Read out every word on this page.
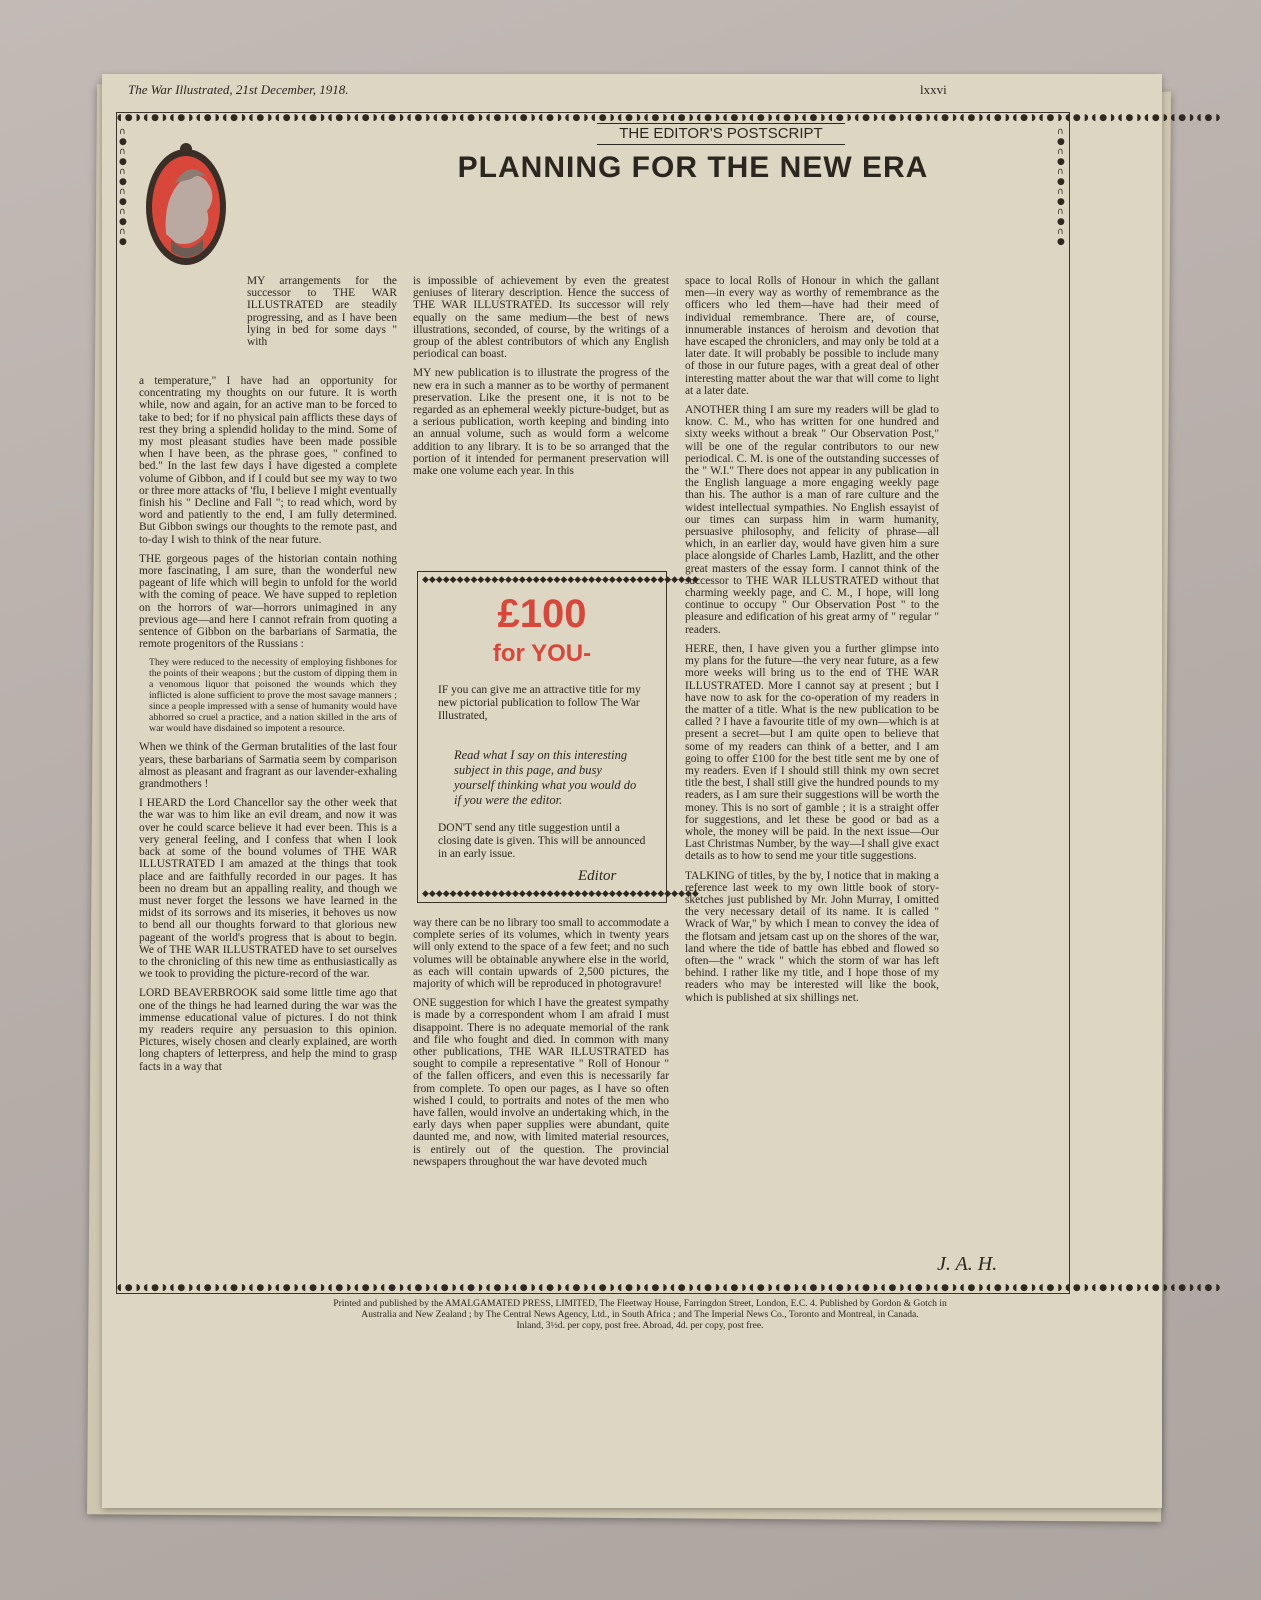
The War Illustrated, 21st December, 1918.	lxxvi
◖●◗◖●◗◖●◗◖●◗◖●◗◖●◗◖●◗◖●◗◖●◗◖●◗◖●◗◖●◗◖●◗◖●◗◖●◗◖●◗◖●◗◖●◗◖●◗◖●◗◖●◗◖●◗◖●◗◖●◗◖●◗◖●◗◖●◗◖●◗◖●◗◖●◗◖●◗◖●◗◖●◗◖●◗◖●◗◖●◗◖●◗◖●◗◖●◗◖●◗◖●◗◖●◗
◖●◗◖●◗◖●◗◖●◗◖●◗◖●◗◖●◗◖●◗◖●◗◖●◗◖●◗◖●◗◖●◗◖●◗◖●◗◖●◗◖●◗◖●◗◖●◗◖●◗◖●◗◖●◗◖●◗◖●◗◖●◗◖●◗◖●◗◖●◗◖●◗◖●◗◖●◗◖●◗◖●◗◖●◗◖●◗◖●◗◖●◗◖●◗◖●◗◖●◗◖●◗◖●◗
∩
●
∩
●
∩
●
∩
●
∩
●
∩
●
∩
●
∩
●
∩
●
∩
●
∩
●
∩
●
THE EDITOR'S POSTSCRIPT
PLANNING FOR THE NEW ERA
MY arrangements for the successor to THE WAR ILLUSTRATED are steadily progressing, and as I have been lying in bed for some days " with

a temperature," I have had an opportunity for concentrating my thoughts on our future. It is worth while, now and again, for an active man to be forced to take to bed; for if no physical pain afflicts these days of rest they bring a splendid holiday to the mind. Some of my most pleasant studies have been made possible when I have been, as the phrase goes, " confined to bed." In the last few days I have digested a complete volume of Gibbon, and if I could but see my way to two or three more attacks of 'flu, I believe I might eventually finish his " Decline and Fall "; to read which, word by word and patiently to the end, I am fully determined. But Gibbon swings our thoughts to the remote past, and to-day I wish to think of the near future.

THE gorgeous pages of the historian contain nothing more fascinating, I am sure, than the wonderful new pageant of life which will begin to unfold for the world with the coming of peace. We have supped to repletion on the horrors of war—horrors unimagined in any previous age—and here I cannot refrain from quoting a sentence of Gibbon on the barbarians of Sarmatia, the remote progenitors of the Russians :

They were reduced to the necessity of employing fishbones for the points of their weapons ; but the custom of dipping them in a venomous liquor that poisoned the wounds which they inflicted is alone sufficient to prove the most savage manners ; since a people impressed with a sense of humanity would have abhorred so cruel a practice, and a nation skilled in the arts of war would have disdained so impotent a resource.

When we think of the German brutalities of the last four years, these barbarians of Sarmatia seem by comparison almost as pleasant and fragrant as our lavender-exhaling grandmothers !

I HEARD the Lord Chancellor say the other week that the war was to him like an evil dream, and now it was over he could scarce believe it had ever been. This is a very general feeling, and I confess that when I look back at some of the bound volumes of THE WAR ILLUSTRATED I am amazed at the things that took place and are faithfully recorded in our pages. It has been no dream but an appalling reality, and though we must never forget the lessons we have learned in the midst of its sorrows and its miseries, it behoves us now to bend all our thoughts forward to that glorious new pageant of the world's progress that is about to begin. We of THE WAR ILLUSTRATED have to set ourselves to the chronicling of this new time as enthusiastically as we took to providing the picture-record of the war.

LORD BEAVERBROOK said some little time ago that one of the things he had learned during the war was the immense educational value of pictures. I do not think my readers require any persuasion to this opinion. Pictures, wisely chosen and clearly explained, are worth long chapters of letterpress, and help the mind to grasp facts in a way that

is impossible of achievement by even the greatest geniuses of literary description. Hence the success of THE WAR ILLUSTRATED. Its successor will rely equally on the same medium—the best of news illustrations, seconded, of course, by the writings of a group of the ablest contributors of which any English periodical can boast.

MY new publication is to illustrate the progress of the new era in such a manner as to be worthy of permanent preservation. Like the present one, it is not to be regarded as an ephemeral weekly picture-budget, but as a serious publication, worth keeping and binding into an annual volume, such as would form a welcome addition to any library. It is to be so arranged that the portion of it intended for permanent preservation will make one volume each year. In this

◆◆◆◆◆◆◆◆◆◆◆◆◆◆◆◆◆◆◆◆◆◆◆◆◆◆◆◆◆◆◆◆◆◆◆◆◆◆◆◆
◆◆◆◆◆◆◆◆◆◆◆◆◆◆◆◆◆◆◆◆◆◆◆◆◆◆◆◆◆◆◆◆◆◆◆◆◆◆◆◆
£100
for YOU-
IF you can give me an attractive title for my new pictorial publication to follow The War Illustrated,
Read what I say on this interesting subject in this page, and busy yourself thinking what you would do if you were the editor.
DON'T send any title suggestion until a closing date is given. This will be announced in an early issue.
Editor

way there can be no library too small to accommodate a complete series of its volumes, which in twenty years will only extend to the space of a few feet; and no such volumes will be obtainable anywhere else in the world, as each will contain upwards of 2,500 pictures, the majority of which will be reproduced in photogravure!

ONE suggestion for which I have the greatest sympathy is made by a correspondent whom I am afraid I must disappoint. There is no adequate memorial of the rank and file who fought and died. In common with many other publications, THE WAR ILLUSTRATED has sought to compile a representative " Roll of Honour " of the fallen officers, and even this is necessarily far from complete. To open our pages, as I have so often wished I could, to portraits and notes of the men who have fallen, would involve an undertaking which, in the early days when paper supplies were abundant, quite daunted me, and now, with limited material resources, is entirely out of the question. The provincial newspapers throughout the war have devoted much

space to local Rolls of Honour in which the gallant men—in every way as worthy of remembrance as the officers who led them—have had their meed of individual remembrance. There are, of course, innumerable instances of heroism and devotion that have escaped the chroniclers, and may only be told at a later date. It will probably be possible to include many of those in our future pages, with a great deal of other interesting matter about the war that will come to light at a later date.

ANOTHER thing I am sure my readers will be glad to know. C. M., who has written for one hundred and sixty weeks without a break " Our Observation Post," will be one of the regular contributors to our new periodical. C. M. is one of the outstanding successes of the " W.I." There does not appear in any publication in the English language a more engaging weekly page than his. The author is a man of rare culture and the widest intellectual sympathies. No English essayist of our times can surpass him in warm humanity, persuasive philosophy, and felicity of phrase—all which, in an earlier day, would have given him a sure place alongside of Charles Lamb, Hazlitt, and the other great masters of the essay form. I cannot think of the successor to THE WAR ILLUSTRATED without that charming weekly page, and C. M., I hope, will long continue to occupy " Our Observation Post " to the pleasure and edification of his great army of " regular " readers.

HERE, then, I have given you a further glimpse into my plans for the future—the very near future, as a few more weeks will bring us to the end of THE WAR ILLUSTRATED. More I cannot say at present ; but I have now to ask for the co-operation of my readers in the matter of a title. What is the new publication to be called ? I have a favourite title of my own—which is at present a secret—but I am quite open to believe that some of my readers can think of a better, and I am going to offer £100 for the best title sent me by one of my readers. Even if I should still think my own secret title the best, I shall still give the hundred pounds to my readers, as I am sure their suggestions will be worth the money. This is no sort of gamble ; it is a straight offer for suggestions, and let these be good or bad as a whole, the money will be paid. In the next issue—Our Last Christmas Number, by the way—I shall give exact details as to how to send me your title suggestions.

TALKING of titles, by the by, I notice that in making a reference last week to my own little book of story-sketches just published by Mr. John Murray, I omitted the very necessary detail of its name. It is called " Wrack of War," by which I mean to convey the idea of the flotsam and jetsam cast up on the shores of the war, land where the tide of battle has ebbed and flowed so often—the " wrack " which the storm of war has left behind. I rather like my title, and I hope those of my readers who may be interested will like the book, which is published at six shillings net.

J. A. H.
Printed and published by the AMALGAMATED PRESS, LIMITED, The Fleetway House, Farringdon Street, London, E.C. 4. Published by Gordon & Gotch in
Australia and New Zealand ; by The Central News Agency, Ltd., in South Africa ; and The Imperial News Co., Toronto and Montreal, in Canada.
Inland, 3½d. per copy, post free. Abroad, 4d. per copy, post free.
